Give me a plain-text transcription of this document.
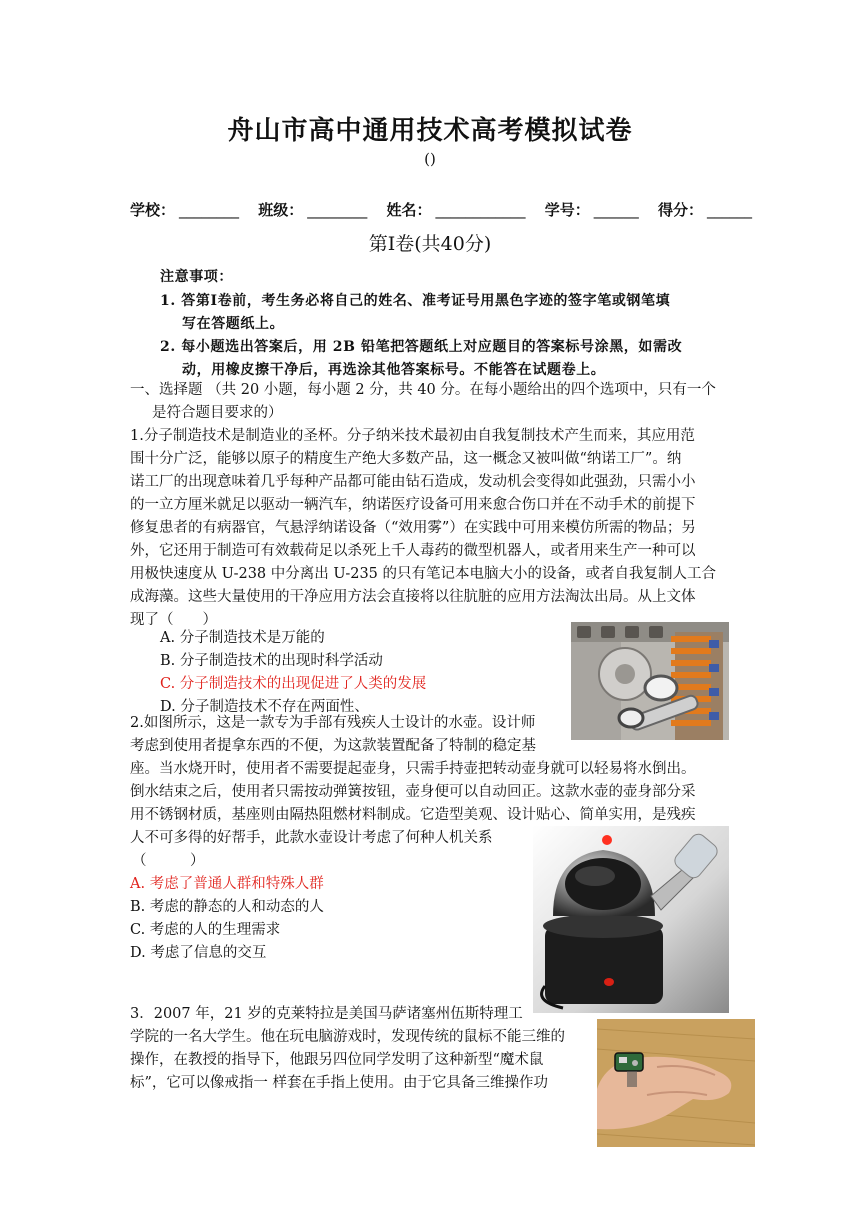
舟山市高中通用技术高考模拟试卷
()
学校： ________ 班级： ________ 姓名： ____________ 学号： ______ 得分： ______
第Ⅰ卷(共40分)
注意事项：
1. 答第Ⅰ卷前，考生务必将自己的姓名、准考证号用黑色字迹的签字笔或钢笔填
写在答题纸上。
2. 每小题选出答案后，用 2B 铅笔把答题纸上对应题目的答案标号涂黑，如需改
动，用橡皮擦干净后，再选涂其他答案标号。不能答在试题卷上。
一、选择题 （共 20 小题，每小题 2 分，共 40 分。在每小题给出的四个选项中，只有一个
是符合题目要求的）
1.分子制造技术是制造业的圣杯。分子纳米技术最初由自我复制技术产生而来，其应用范
围十分广泛，能够以原子的精度生产绝大多数产品，这一概念又被叫做“纳诺工厂”。纳
诺工厂的出现意味着几乎每种产品都可能由钻石造成，发动机会变得如此强劲，只需小小
的一立方厘米就足以驱动一辆汽车，纳诺医疗设备可用来愈合伤口并在不动手术的前提下
修复患者的有病器官，气悬浮纳诺设备（“效用雾”）在实践中可用来模仿所需的物品；另
外，它还用于制造可有效载荷足以杀死上千人毒药的微型机器人，或者用来生产一种可以
用极快速度从 U-238 中分离出 U-235 的只有笔记本电脑大小的设备，或者自我复制人工合
成海藻。这些大量使用的干净应用方法会直接将以往肮脏的应用方法淘汰出局。从上文体
现了（　　）
A. 分子制造技术是万能的
B. 分子制造技术的出现时科学活动
C. 分子制造技术的出现促进了人类的发展
D. 分子制造技术不存在两面性、
2.如图所示，这是一款专为手部有残疾人士设计的水壶。设计师
考虑到使用者提拿东西的不便，为这款装置配备了特制的稳定基
座。当水烧开时，使用者不需要提起壶身，只需手持壶把转动壶身就可以轻易将水倒出。
倒水结束之后，使用者只需按动弹簧按钮，壶身便可以自动回正。这款水壶的壶身部分采
用不锈钢材质，基座则由隔热阻燃材料制成。它造型美观、设计贴心、简单实用，是残疾
人不可多得的好帮手，此款水壶设计考虑了何种人机关系
（　　　）
A. 考虑了普通人群和特殊人群
B. 考虑的静态的人和动态的人
C. 考虑的人的生理需求
D. 考虑了信息的交互
3．2007 年，21 岁的克莱特拉是美国马萨诸塞州伍斯特理工
学院的一名大学生。他在玩电脑游戏时，发现传统的鼠标不能三维的
操作，在教授的指导下，他跟另四位同学发明了这种新型“魔术鼠
标”，它可以像戒指一 样套在手指上使用。由于它具备三维操作功
